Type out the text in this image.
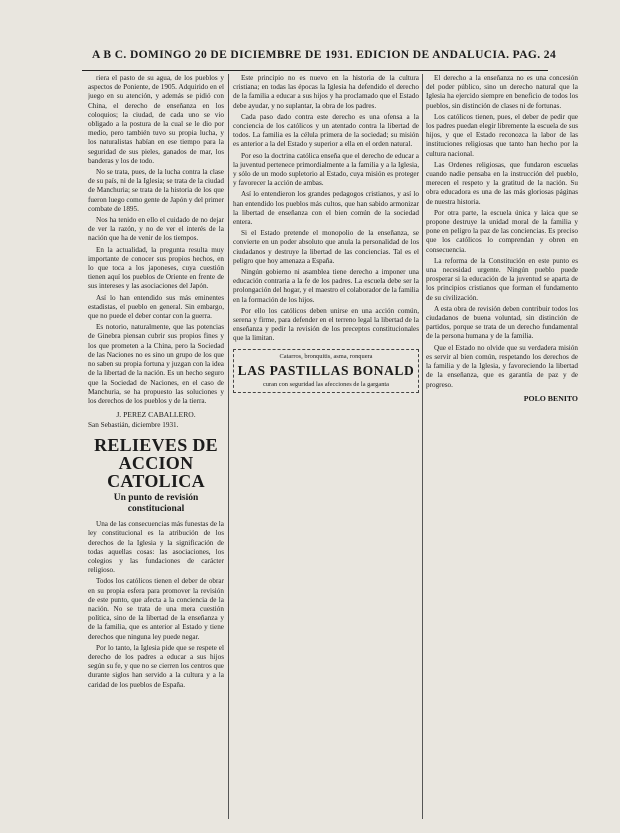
A B C. DOMINGO 20 DE DICIEMBRE DE 1931. EDICION DE ANDALUCIA. PAG. 24

riera el pasto de su agua, de los pueblos y aspectos de Poniente, de 1905. Adquirido en el juego en su atención, y además se pidió con China, el derecho de enseñanza en los coloquios; la ciudad, de cada uno se vio obligado a la postura de la cual se le dio por medio, pero también tuvo su propia lucha, y los naturalistas habían en ese tiempo para la seguridad de sus pieles, ganados de mar, los banderas y los de todo.

No se trata, pues, de la lucha contra la clase de su país, ni de la Iglesia; se trata de la ciudad de Manchuria; se trata de la historia de los que fueron luego como gente de Japón y del primer combate de 1895.

Nos ha tenido en ello el cuidado de no dejar de ver la razón, y no de ver el interés de la nación que ha de venir de los tiempos.

En la actualidad, la pregunta resulta muy importante de conocer sus propios hechos, en lo que toca a los japoneses, cuya cuestión tienen aquí los pueblos de Oriente en frente de sus intereses y las asociaciones del Japón.

Así lo han entendido sus más eminentes estadistas, el pueblo en general. Sin embargo, que no puede el deber contar con la guerra.

Es notorio, naturalmente, que las potencias de Ginebra piensan cubrir sus propios fines y los que prometen a la China, pero la Sociedad de las Naciones no es sino un grupo de los que no saben su propia fortuna y juzgan con la idea de la libertad de la nación. Es un hecho seguro que la Sociedad de Naciones, en el caso de Manchuria, se ha propuesto las soluciones y los derechos de los pueblos y de la tierra.

J. PEREZ CABALLERO.
San Sebastián, diciembre 1931.
RELIEVES DE ACCION CATOLICA
Un punto de revisión constitucional

Una de las consecuencias más funestas de la ley constitucional es la atribución de los derechos de la Iglesia y la significación de todas aquellas cosas: las asociaciones, los colegios y las fundaciones de carácter religioso.

Todos los católicos tienen el deber de obrar en su propia esfera para promover la revisión de este punto, que afecta a la conciencia de la nación. No se trata de una mera cuestión política, sino de la libertad de la enseñanza y de la familia, que es anterior al Estado y tiene derechos que ninguna ley puede negar.

Por lo tanto, la Iglesia pide que se respete el derecho de los padres a educar a sus hijos según su fe, y que no se cierren los centros que durante siglos han servido a la cultura y a la caridad de los pueblos de España.

Este principio no es nuevo en la historia de la cultura cristiana; en todas las épocas la Iglesia ha defendido el derecho de la familia a educar a sus hijos y ha proclamado que el Estado debe ayudar, y no suplantar, la obra de los padres.

Cada paso dado contra este derecho es una ofensa a la conciencia de los católicos y un atentado contra la libertad de todos. La familia es la célula primera de la sociedad; su misión es anterior a la del Estado y superior a ella en el orden natural.

Por eso la doctrina católica enseña que el derecho de educar a la juventud pertenece primordialmente a la familia y a la Iglesia, y sólo de un modo supletorio al Estado, cuya misión es proteger y favorecer la acción de ambas.

Así lo entendieron los grandes pedagogos cristianos, y así lo han entendido los pueblos más cultos, que han sabido armonizar la libertad de enseñanza con el bien común de la sociedad entera.

Si el Estado pretende el monopolio de la enseñanza, se convierte en un poder absoluto que anula la personalidad de los ciudadanos y destruye la libertad de las conciencias. Tal es el peligro que hoy amenaza a España.

Ningún gobierno ni asamblea tiene derecho a imponer una educación contraria a la fe de los padres. La escuela debe ser la prolongación del hogar, y el maestro el colaborador de la familia en la formación de los hijos.

Por ello los católicos deben unirse en una acción común, serena y firme, para defender en el terreno legal la libertad de la enseñanza y pedir la revisión de los preceptos constitucionales que la limitan.

Catarros, bronquitis, asma, ronquera
LAS PASTILLAS BONALD
curan con seguridad las afecciones de la garganta

El derecho a la enseñanza no es una concesión del poder público, sino un derecho natural que la Iglesia ha ejercido siempre en beneficio de todos los pueblos, sin distinción de clases ni de fortunas.

Los católicos tienen, pues, el deber de pedir que los padres puedan elegir libremente la escuela de sus hijos, y que el Estado reconozca la labor de las instituciones religiosas que tanto han hecho por la cultura nacional.

Las Ordenes religiosas, que fundaron escuelas cuando nadie pensaba en la instrucción del pueblo, merecen el respeto y la gratitud de la nación. Su obra educadora es una de las más gloriosas páginas de nuestra historia.

Por otra parte, la escuela única y laica que se propone destruye la unidad moral de la familia y pone en peligro la paz de las conciencias. Es preciso que los católicos lo comprendan y obren en consecuencia.

La reforma de la Constitución en este punto es una necesidad urgente. Ningún pueblo puede prosperar si la educación de la juventud se aparta de los principios cristianos que forman el fundamento de su civilización.

A esta obra de revisión deben contribuir todos los ciudadanos de buena voluntad, sin distinción de partidos, porque se trata de un derecho fundamental de la persona humana y de la familia.

Que el Estado no olvide que su verdadera misión es servir al bien común, respetando los derechos de la familia y de la Iglesia, y favoreciendo la libertad de la enseñanza, que es garantía de paz y de progreso.

POLO BENITO
